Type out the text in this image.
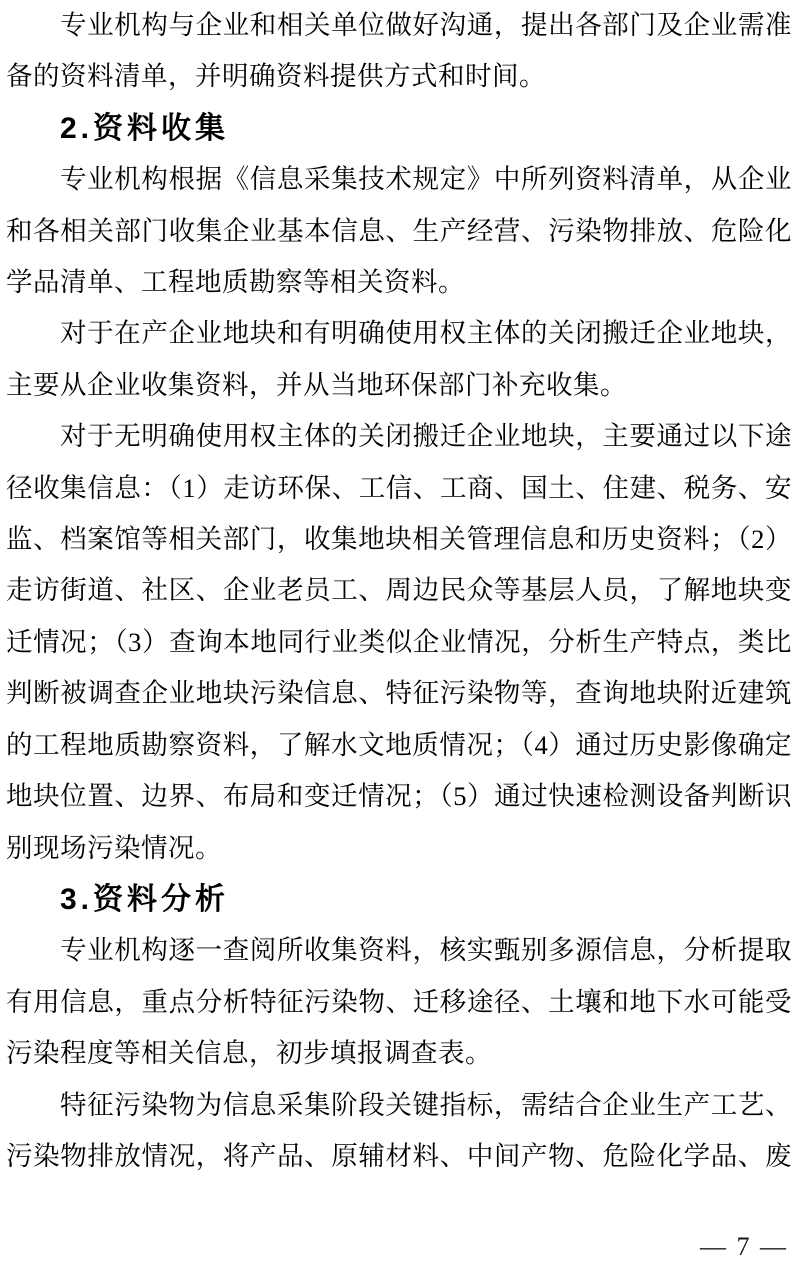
专业机构与企业和相关单位做好沟通，提出各部门及企业需准
备的资料清单，并明确资料提供方式和时间。
2.资料收集
专业机构根据《信息采集技术规定》中所列资料清单，从企业
和各相关部门收集企业基本信息、生产经营、污染物排放、危险化
学品清单、工程地质勘察等相关资料。
对于在产企业地块和有明确使用权主体的关闭搬迁企业地块，
主要从企业收集资料，并从当地环保部门补充收集。
对于无明确使用权主体的关闭搬迁企业地块，主要通过以下途
径收集信息：（1）走访环保、工信、工商、国土、住建、税务、安
监、档案馆等相关部门，收集地块相关管理信息和历史资料；（2）
走访街道、社区、企业老员工、周边民众等基层人员，了解地块变
迁情况；（3）查询本地同行业类似企业情况，分析生产特点，类比
判断被调查企业地块污染信息、特征污染物等，查询地块附近建筑
的工程地质勘察资料，了解水文地质情况；（4）通过历史影像确定
地块位置、边界、布局和变迁情况；（5）通过快速检测设备判断识
别现场污染情况。
3.资料分析
专业机构逐一查阅所收集资料，核实甄别多源信息，分析提取
有用信息，重点分析特征污染物、迁移途径、土壤和地下水可能受
污染程度等相关信息，初步填报调查表。
特征污染物为信息采集阶段关键指标，需结合企业生产工艺、
污染物排放情况，将产品、原辅材料、中间产物、危险化学品、废
— 7 —
